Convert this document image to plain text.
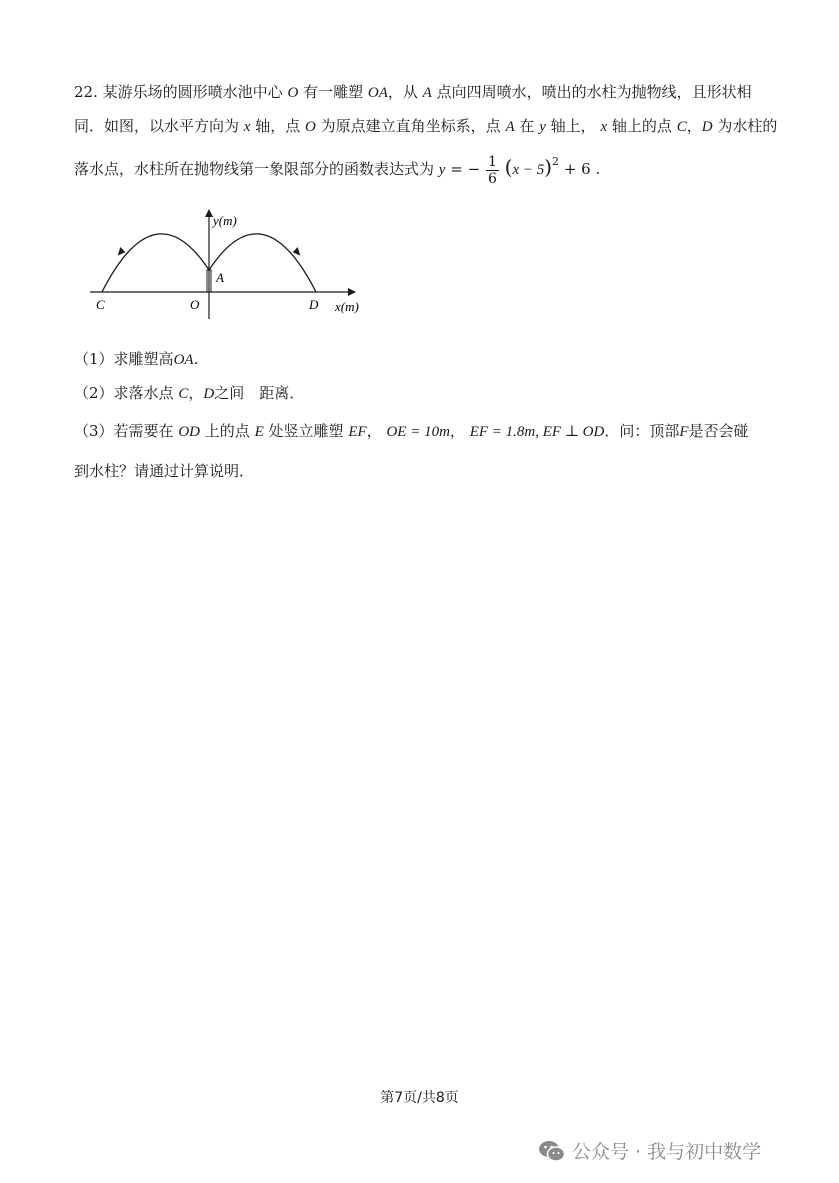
22. 某游乐场的圆形喷水池中心 O 有一雕塑 OA，从 A 点向四周喷水，喷出的水柱为抛物线，且形状相
同．如图，以水平方向为 x 轴，点 O 为原点建立直角坐标系，点 A 在 y 轴上， x 轴上的点 C，D 为水柱的
落水点，水柱所在抛物线第一象限部分的函数表达式为 y = − $\frac{1}{6} (x - 5)^2 + 6$ .
y(m)
x(m)
A
C	O	D
（1）求雕塑高OA.
（2）求落水点 C，D之间　距离．
（3）若需要在 OD 上的点 E 处竖立雕塑 EF， OE = 10m， EF = 1.8m, EF ⊥ OD．问：顶部F是否会碰
到水柱？请通过计算说明．
第7页/共8页
公众号 · 我与初中数学
